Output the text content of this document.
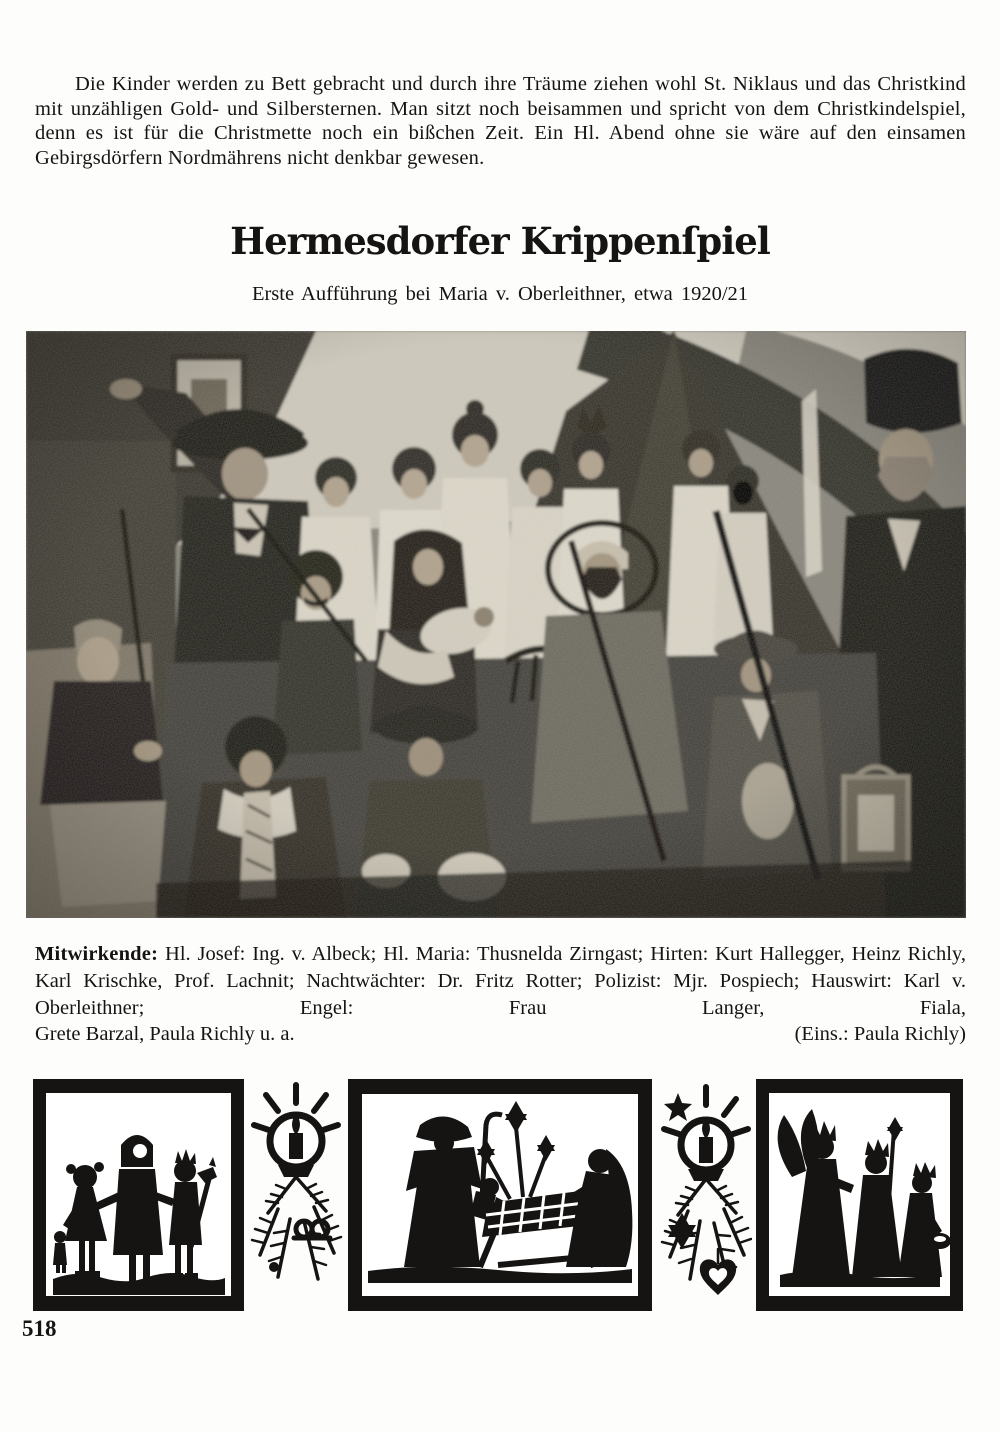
Die Kinder werden zu Bett gebracht und durch ihre Träume ziehen wohl St. Niklaus und das Christkind mit unzähligen Gold- und Silbersternen. Man sitzt noch beisammen und spricht von dem Christkindelspiel, denn es ist für die Christmette noch ein bißchen Zeit. Ein Hl. Abend ohne sie wäre auf den einsamen Gebirgsdörfern Nordmährens nicht denkbar gewesen.

Hermesdorfer Krippenſpiel

Erste Aufführung bei Maria v. Oberleithner, etwa 1920/21

Mitwirkende: Hl. Josef: Ing. v. Albeck; Hl. Maria: Thusnelda Zirngast; Hirten: Kurt Hallegger, Heinz Richly, Karl Krischke, Prof. Lachnit; Nachtwächter: Dr. Fritz Rotter; Polizist: Mjr. Pospiech; Hauswirt: Karl v. Oberleithner; Engel: Frau Langer, Fiala,

Grete Barzal, Paula Richly u. a.	(Eins.: Paula Richly)
518
